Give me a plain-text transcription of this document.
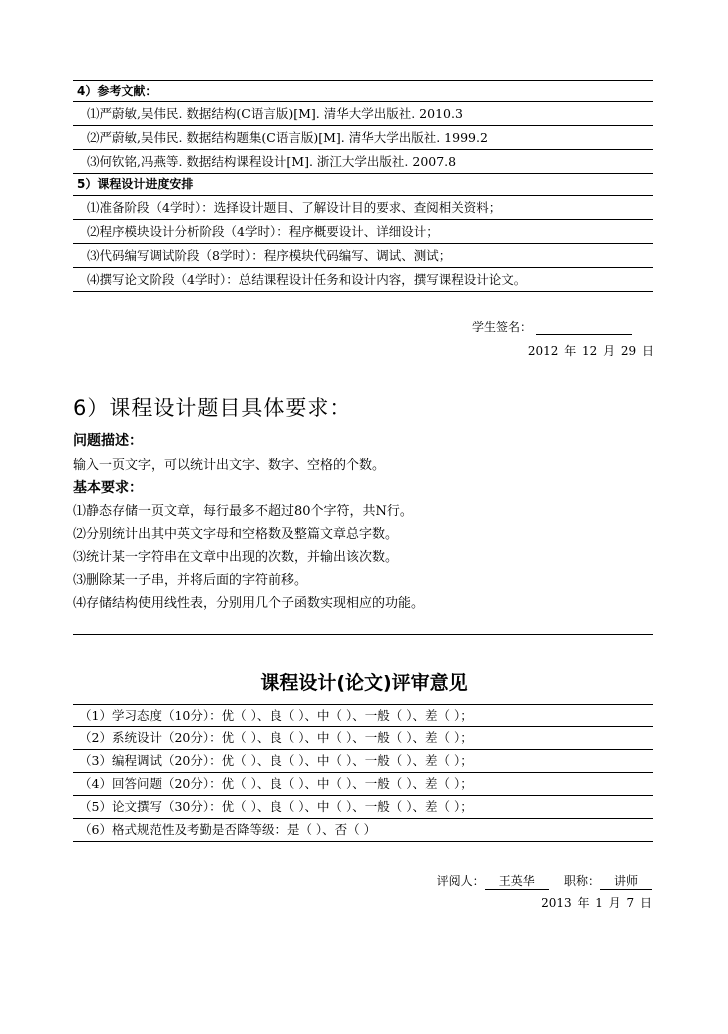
4）参考文献：
⑴严蔚敏,吴伟民. 数据结构(C语言版)[M]. 清华大学出版社. 2010.3
⑵严蔚敏,吴伟民. 数据结构题集(C语言版)[M]. 清华大学出版社. 1999.2
⑶何钦铭,冯燕等. 数据结构课程设计[M]. 浙江大学出版社. 2007.8
5）课程设计进度安排
⑴准备阶段（4学时）：选择设计题目、了解设计目的要求、查阅相关资料；
⑵程序模块设计分析阶段（4学时）：程序概要设计、详细设计；
⑶代码编写调试阶段（8学时）：程序模块代码编写、调试、测试；
⑷撰写论文阶段（4学时）：总结课程设计任务和设计内容，撰写课程设计论文。
学生签名：
2012 年 12 月 29 日
6）课程设计题目具体要求：
问题描述：
输入一页文字，可以统计出文字、数字、空格的个数。
基本要求：
⑴静态存储一页文章，每行最多不超过80个字符，共N行。
⑵分别统计出其中英文字母和空格数及整篇文章总字数。
⑶统计某一字符串在文章中出现的次数，并输出该次数。
⑶删除某一子串，并将后面的字符前移。
⑷存储结构使用线性表，分别用几个子函数实现相应的功能。
课程设计(论文)评审意见
（1）学习态度（10分）：优（ ）、良（ ）、中（ ）、一般（ ）、差（ ）；
（2）系统设计（20分）：优（ ）、良（ ）、中（ ）、一般（ ）、差（ ）；
（3）编程调试（20分）：优（ ）、良（ ）、中（ ）、一般（ ）、差（ ）；
（4）回答问题（20分）：优（ ）、良（ ）、中（ ）、一般（ ）、差（ ）；
（5）论文撰写（30分）：优（ ）、良（ ）、中（ ）、一般（ ）、差（ ）；
（6）格式规范性及考勤是否降等级：是（ ）、否（ ）
评阅人： 王英华 职称： 讲师
2013 年 1 月 7 日
